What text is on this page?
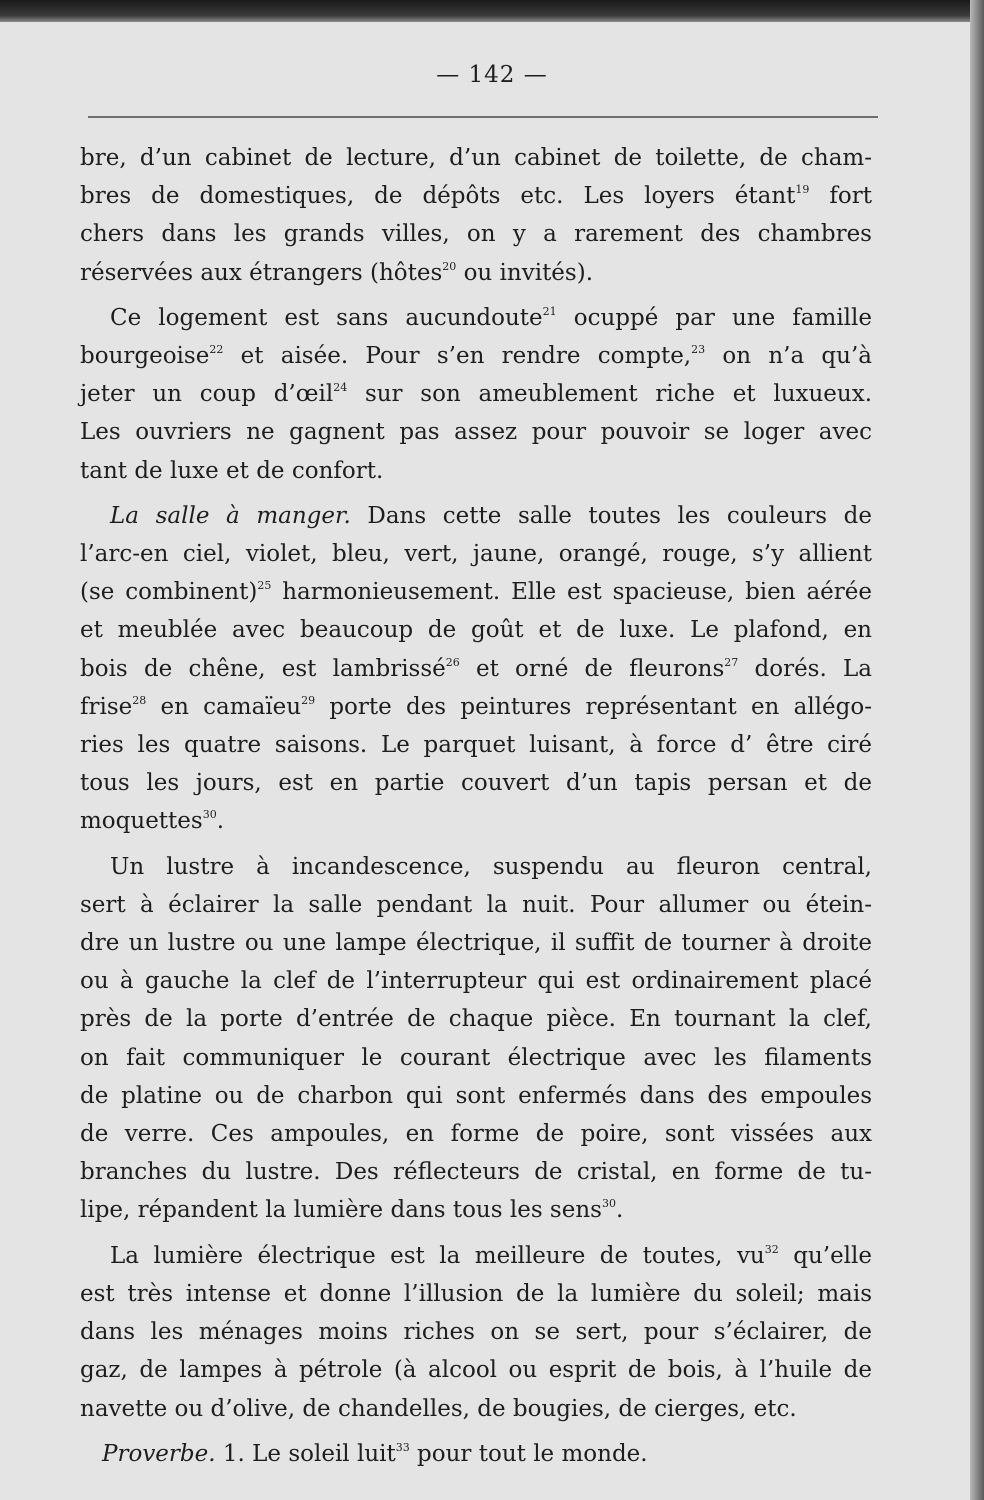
— 142 —
bre, d’un cabinet de lecture, d’un cabinet de toilette, de cham-
bres de domestiques, de dépôts etc. Les loyers étant$^{19}$ fort
chers dans les grands villes, on y a rarement des chambres
réservées aux étrangers (hôtes$^{20}$ ou invités).
Ce logement est sans aucundoute$^{21}$ ocuppé par une famille
bourgeoise$^{22}$ et aisée. Pour s’en rendre compte,$^{23}$ on n’a qu’à
jeter un coup d’œil$^{24}$ sur son ameublement riche et luxueux.
Les ouvriers ne gagnent pas assez pour pouvoir se loger avec
tant de luxe et de confort.
La salle à manger. Dans cette salle toutes les couleurs de
l’arc-en ciel, violet, bleu, vert, jaune, orangé, rouge, s’y allient
(se combinent)$^{25}$ harmonieusement. Elle est spacieuse, bien aérée
et meublée avec beaucoup de goût et de luxe. Le plafond, en
bois de chêne, est lambrissé$^{26}$ et orné de fleurons$^{27}$ dorés. La
frise$^{28}$ en camaïeu$^{29}$ porte des peintures représentant en allégo-
ries les quatre saisons. Le parquet luisant, à force d’ être ciré
tous les jours, est en partie couvert d’un tapis persan et de
moquettes$^{30}$.
Un lustre à incandescence, suspendu au fleuron central,
sert à éclairer la salle pendant la nuit. Pour allumer ou étein-
dre un lustre ou une lampe électrique, il suffit de tourner à droite
ou à gauche la clef de l’interrupteur qui est ordinairement placé
près de la porte d’entrée de chaque pièce. En tournant la clef,
on fait communiquer le courant électrique avec les filaments
de platine ou de charbon qui sont enfermés dans des empoules
de verre. Ces ampoules, en forme de poire, sont vissées aux
branches du lustre. Des réflecteurs de cristal, en forme de tu-
lipe, répandent la lumière dans tous les sens$^{30}$.
La lumière électrique est la meilleure de toutes, $vu^{32}$ qu’elle
est très intense et donne l’illusion de la lumière du soleil; mais
dans les ménages moins riches on se sert, pour s’éclairer, de
gaz, de lampes à pétrole (à alcool ou esprit de bois, à l’huile de
navette ou d’olive, de chandelles, de bougies, de cierges, etc.
Proverbe. 1. Le soleil luit$^{33}$ pour tout le monde.
